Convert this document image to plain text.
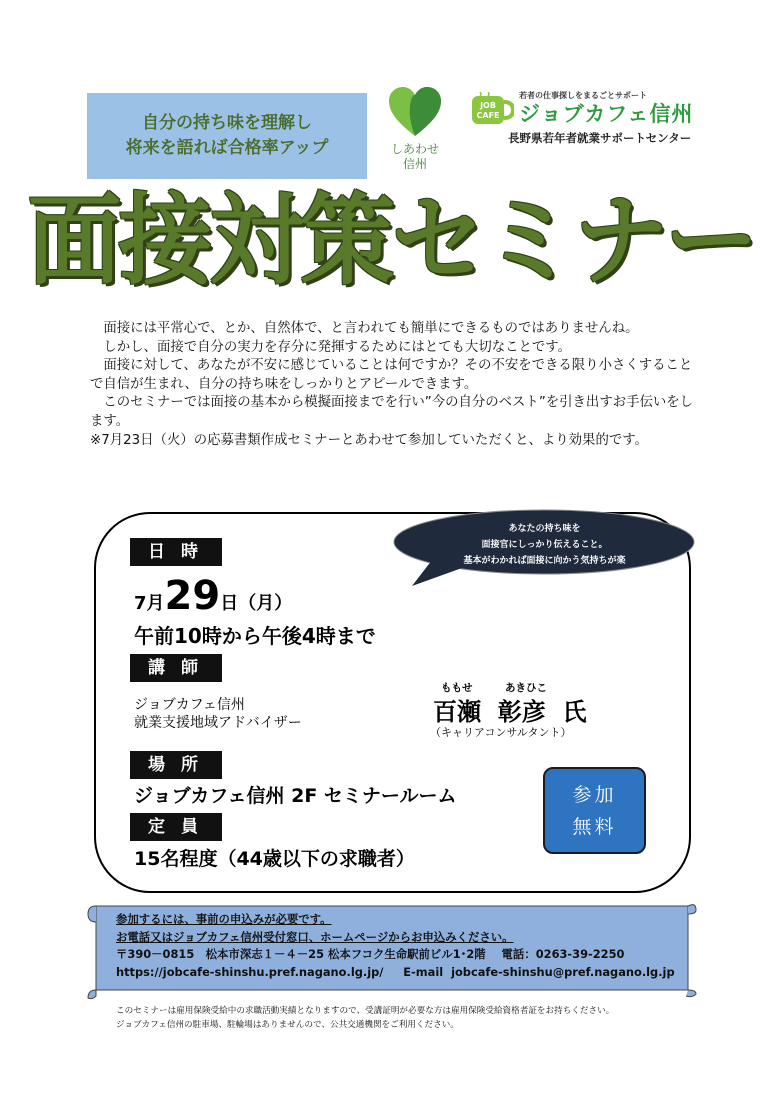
自分の持ち味を理解し
将来を語れば合格率アップ	しあわせ
信州
JOB
CAFE
若者の仕事探しをまるごとサポート
ジョブカフェ信州
長野県若年者就業サポートセンター
面接対策セミナー

　面接には平常心で、とか、自然体で、と言われても簡単にできるものではありませんね。

　しかし、面接で自分の実力を存分に発揮するためにはとても大切なことです。

　面接に対して、あなたが不安に感じていることは何ですか？その不安をできる限り小さくすることで自信が生まれ、自分の持ち味をしっかりとアピールできます。

　このセミナーでは面接の基本から模擬面接までを行い”今の自分のベスト”を引き出すお手伝いをします。

※7月23日（火）の応募書類作成セミナーとあわせて参加していただくと、より効果的です。

あなたの持ち味を
面接官にしっかり伝えること。
基本がわかれば面接に向かう気持ちが楽
日時
7月29日（月）
午前10時から午後4時まで
講師
ジョブカフェ信州
就業支援地域アドバイザー
ももせ	あきひこ
百瀬 彰彦 氏
（キャリアコンサルタント）
場所
ジョブカフェ信州 2F セミナールーム
定員
15名程度（44歳以下の求職者）
参加
無料
参加するには、事前の申込みが必要です。
お電話又はジョブカフェ信州受付窓口、ホームページからお申込みください。
〒390－0815　松本市深志１－４－25 松本フコク生命駅前ビル1･2階 電話：0263-39-2250
https://jobcafe-shinshu.pref.nagano.lg.jp/ E-mail jobcafe-shinshu@pref.nagano.lg.jp
このセミナーは雇用保険受給中の求職活動実績となりますので、受講証明が必要な方は雇用保険受給資格者証をお持ちください。
ジョブカフェ信州の駐車場、駐輪場はありませんので、公共交通機関をご利用ください。
